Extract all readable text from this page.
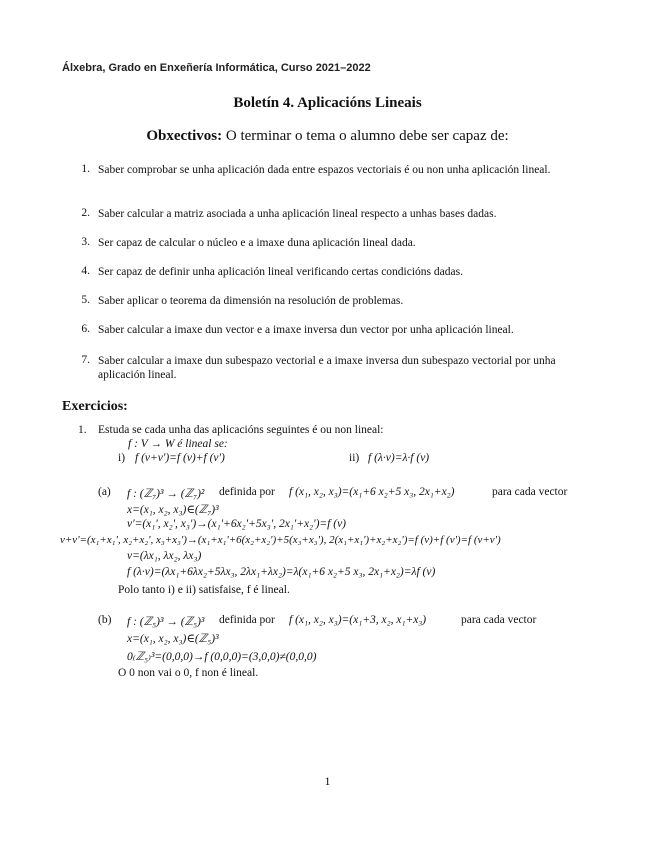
Álxebra, Grado en Enxeñería Informática, Curso 2021–2022
Boletín 4. Aplicacións Lineais
Obxectivos: O terminar o tema o alumno debe ser capaz de:
1. Saber comprobar se unha aplicación dada entre espazos vectoriais é ou non unha aplicación lineal.
2. Saber calcular a matriz asociada a unha aplicación lineal respecto a unhas bases dadas.
3. Ser capaz de calcular o núcleo e a imaxe duna aplicación lineal dada.
4. Ser capaz de definir unha aplicación lineal verificando certas condicións dadas.
5. Saber aplicar o teorema da dimensión na resolución de problemas.
6. Saber calcular a imaxe dun vector e a imaxe inversa dun vector por unha aplicación lineal.
7. Saber calcular a imaxe dun subespazo vectorial e a imaxe inversa dun subespazo vectorial por unha aplicación lineal.
Exercicios:
1. Estuda se cada unha das aplicacións seguintes é ou non lineal:
f : V → W é lineal se:
i) f (v+v')=f (v)+f (v')	ii) f (λ·v)=λ·f (v)
(a) f : (ℤ₇)³ → (ℤ₇)² definida por f (x₁, x₂, x₃)=(x₁+6 x₂+5 x₃, 2x₁+x₂)	para cada vector
x=(x₁, x₂, x₃)∈(ℤ₇)³
v'=(x₁', x₂', x₃')→(x₁'+6x₂'+5x₃', 2x₁'+x₂')=f (v)
v+v'=(x₁+x₁', x₂+x₂', x₃+x₃')→(x₁+x₁'+6(x₂+x₂')+5(x₃+x₃'), 2(x₁+x₁')+x₂+x₂')=f (v)+f (v')=f (v+v')
v=(λx₁, λx₂, λx₃)
f (λ·v)=(λx₁+6λx₂+5λx₃, 2λx₁+λx₂)=λ(x₁+6 x₂+5 x₃, 2x₁+x₂)=λf (v)
Polo tanto i) e ii) satisfaise, f é lineal.
(b) f : (ℤ₅)³ → (ℤ₅)³ definida por f (x₁, x₂, x₃)=(x₁+3, x₂, x₁+x₃)	para cada vector
x=(x₁, x₂, x₃)∈(ℤ₅)³
0₍ℤ₅₎³=(0,0,0)→f (0,0,0)=(3,0,0)≠(0,0,0)
O 0 non vai o 0, f non é lineal.
1
